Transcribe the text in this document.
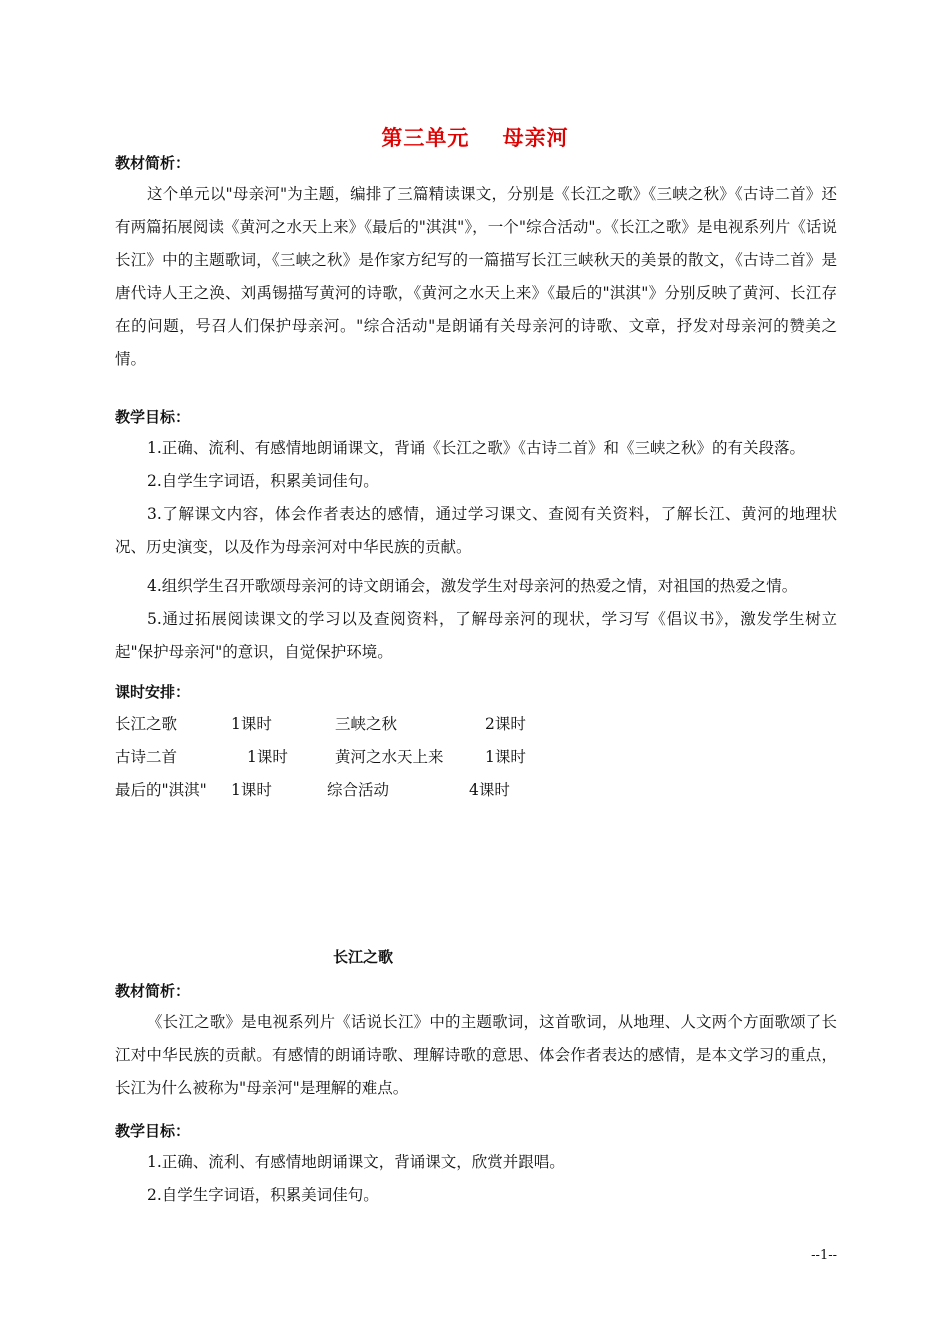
第三单元    母亲河
教材简析：

这个单元以"母亲河"为主题，编排了三篇精读课文，分别是《长江之歌》《三峡之秋》《古诗二首》还有两篇拓展阅读《黄河之水天上来》《最后的"淇淇"》，一个"综合活动"。《长江之歌》是电视系列片《话说长江》中的主题歌词，《三峡之秋》是作家方纪写的一篇描写长江三峡秋天的美景的散文，《古诗二首》是唐代诗人王之涣、刘禹锡描写黄河的诗歌，《黄河之水天上来》《最后的"淇淇"》分别反映了黄河、长江存在的问题，号召人们保护母亲河。"综合活动"是朗诵有关母亲河的诗歌、文章，抒发对母亲河的赞美之情。

教学目标：

1.正确、流利、有感情地朗诵课文，背诵《长江之歌》《古诗二首》和《三峡之秋》的有关段落。

2.自学生字词语，积累美词佳句。

3.了解课文内容，体会作者表达的感情，通过学习课文、查阅有关资料，了解长江、黄河的地理状况、历史演变，以及作为母亲河对中华民族的贡献。

4.组织学生召开歌颂母亲河的诗文朗诵会，激发学生对母亲河的热爱之情，对祖国的热爱之情。

5.通过拓展阅读课文的学习以及查阅资料，了解母亲河的现状，学习写《倡议书》，激发学生树立起"保护母亲河"的意识，自觉保护环境。

课时安排：
长江之歌	1课时	三峡之秋	2课时
古诗二首	1课时	黄河之水天上来	1课时
最后的"淇淇" 1课时	综合活动	4课时
长江之歌
教材简析：

《长江之歌》是电视系列片《话说长江》中的主题歌词，这首歌词，从地理、人文两个方面歌颂了长江对中华民族的贡献。有感情的朗诵诗歌、理解诗歌的意思、体会作者表达的感情，是本文学习的重点，长江为什么被称为"母亲河"是理解的难点。

教学目标：

1.正确、流利、有感情地朗诵课文，背诵课文，欣赏并跟唱。

2.自学生字词语，积累美词佳句。

--1--
